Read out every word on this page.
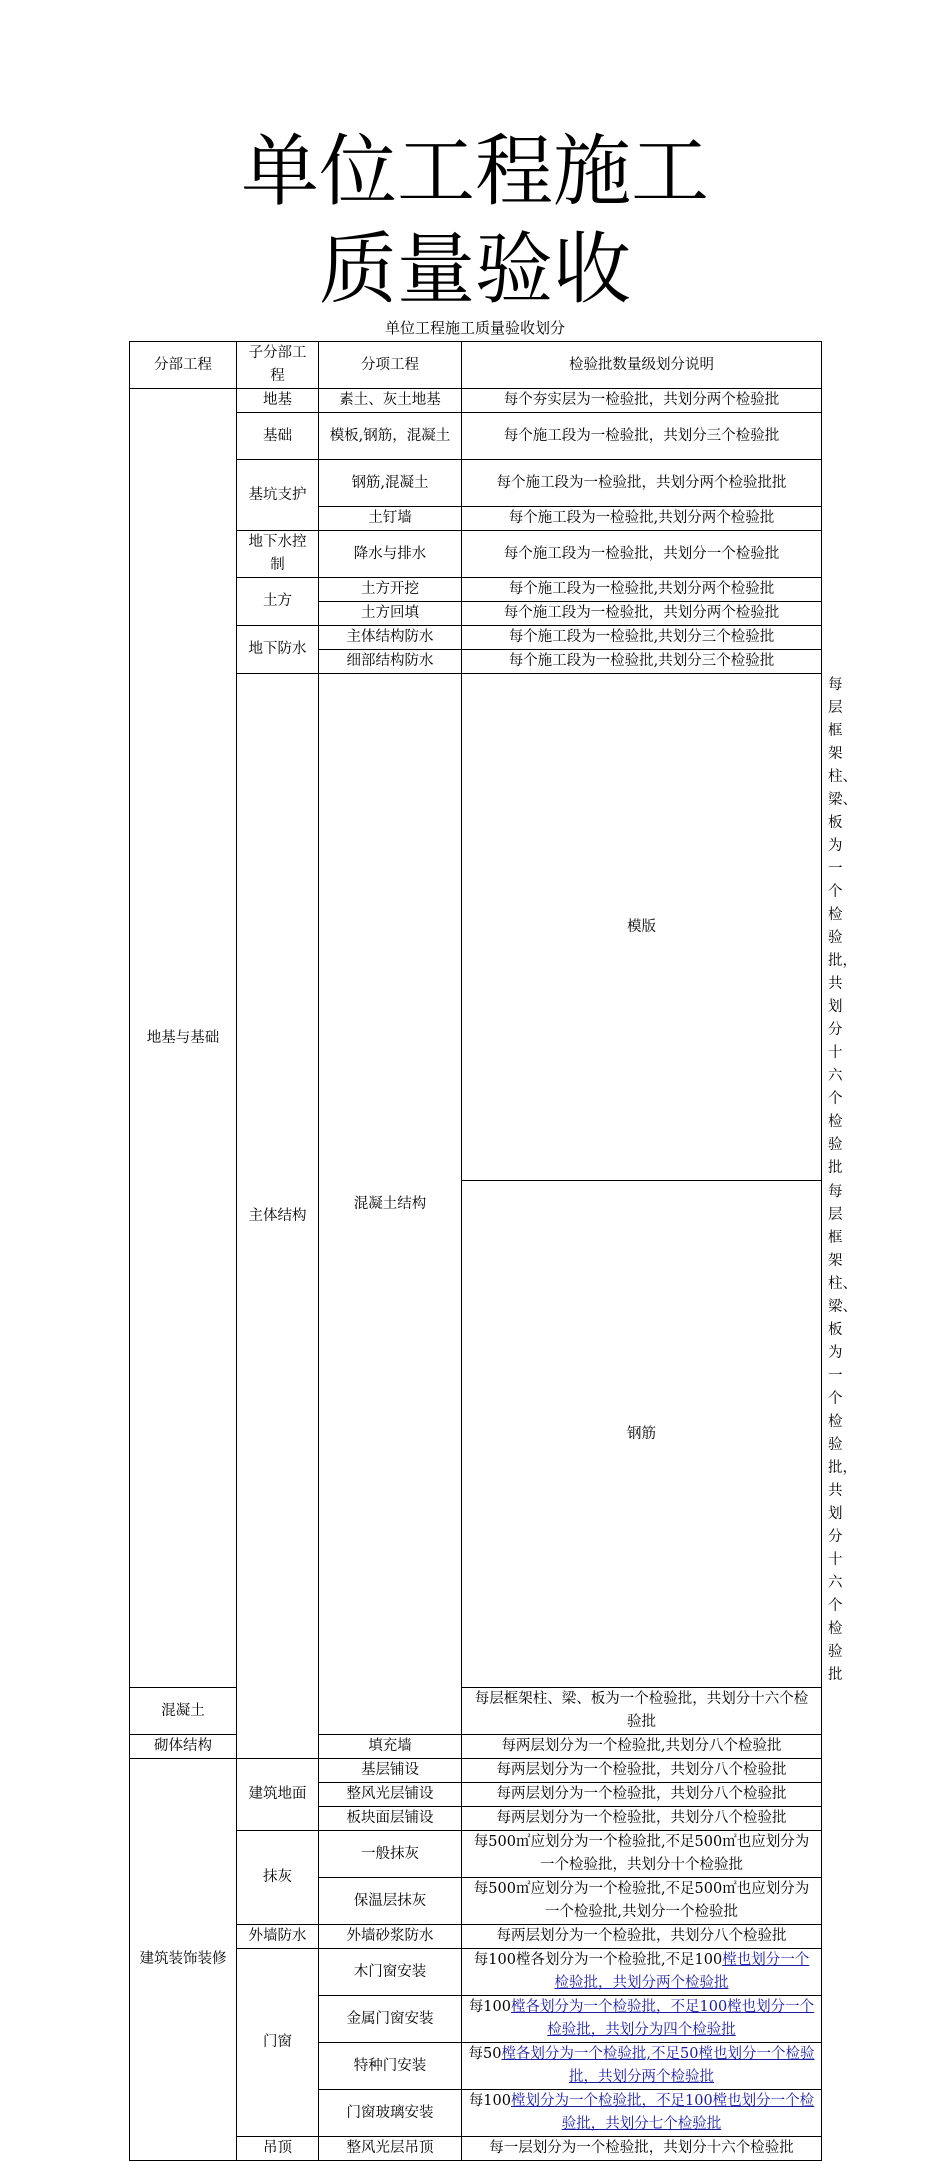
单位工程施工
质量验收
单位工程施工质量验收划分
分部工程	子分部工程	分项工程	检验批数量级划分说明	
地基与基础	地基	素土、灰土地基	每个夯实层为一检验批，共划分两个检验批	
	基础	模板,钢筋，混凝土	每个施工段为一检验批，共划分三个检验批	
	基坑支护	钢筋,混凝土	每个施工段为一检验批，共划分两个检验批批	
		土钉墙	每个施工段为一检验批,共划分两个检验批	
	地下水控制	降水与排水	每个施工段为一检验批，共划分一个检验批	
	土方	土方开挖	每个施工段为一检验批,共划分两个检验批	
		土方回填	每个施工段为一检验批，共划分两个检验批	
	地下防水	主体结构防水	每个施工段为一检验批,共划分三个检验批	
		细部结构防水	每个施工段为一检验批,共划分三个检验批	
	主体结构	混凝土结构	模版	每层框架柱、梁、板为一个检验批，共划分十六个检验批
			钢筋	每层框架柱、梁、板为一个检验批，共划分十六个检验批
混凝土			每层框架柱、梁、板为一个检验批，共划分十六个检验批	
砌体结构		填充墙	每两层划分为一个检验批,共划分八个检验批	
建筑装饰装修	建筑地面	基层铺设	每两层划分为一个检验批，共划分八个检验批	
		整风光层铺设	每两层划分为一个检验批，共划分八个检验批	
		板块面层铺设	每两层划分为一个检验批，共划分八个检验批	
	抹灰	一般抹灰	每500㎡应划分为一个检验批,不足500㎡也应划分为一个检验批，共划分十个检验批	
		保温层抹灰	每500㎡应划分为一个检验批,不足500㎡也应划分为一个检验批,共划分一个检验批	
	外墙防水	外墙砂浆防水	每两层划分为一个检验批，共划分八个检验批	
	门窗	木门窗安装	每100樘各划分为一个检验批,不足100樘也划分一个检验批，共划分两个检验批	
		金属门窗安装	每100樘各划分为一个检验批，不足100樘也划分一个检验批，共划分为四个检验批	
		特种门安装	每50樘各划分为一个检验批,不足50樘也划分一个检验批，共划分两个检验批	
		门窗玻璃安装	每100樘划分为一个检验批，不足100樘也划分一个检验批，共划分七个检验批	
	吊顶	整风光层吊顶	每一层划分为一个检验批，共划分十六个检验批	
